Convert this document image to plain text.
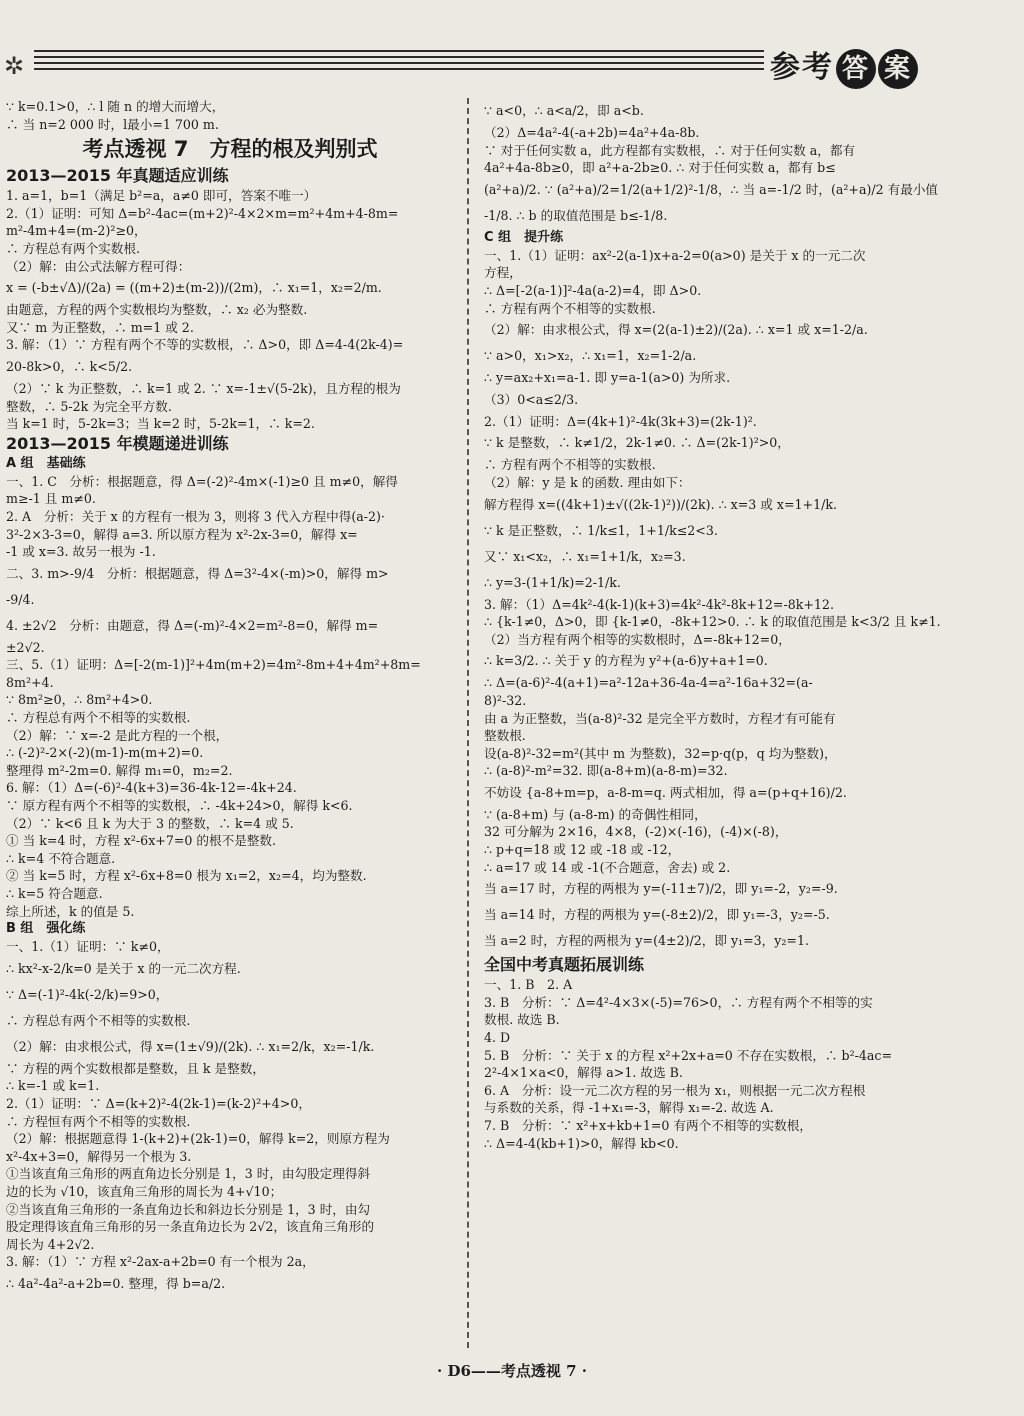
✲	参考 答 案
∵ k=0.1>0，∴ l 随 n 的增大而增大，
∴ 当 n=2 000 时，l最小=1 700 m.
考点透视 7　方程的根及判别式
2013—2015 年真题适应训练
1. a=1，b=1（满足 b²=a，a≠0 即可，答案不唯一）
2.（1）证明：可知 Δ=b²-4ac=(m+2)²-4×2×m=m²+4m+4-8m=
m²-4m+4=(m-2)²≥0，
∴ 方程总有两个实数根.
（2）解：由公式法解方程可得：
x = (-b±√Δ)/(2a) = ((m+2)±(m-2))/(2m)，∴ x₁=1，x₂=2/m.
由题意，方程的两个实数根均为整数，∴ x₂ 必为整数.
又∵ m 为正整数，∴ m=1 或 2.
3. 解：（1）∵ 方程有两个不等的实数根，∴ Δ>0，即 Δ=4-4(2k-4)=
20-8k>0，∴ k<5/2.
（2）∵ k 为正整数，∴ k=1 或 2. ∵ x=-1±√(5-2k)，且方程的根为
整数，∴ 5-2k 为完全平方数.
当 k=1 时，5-2k=3；当 k=2 时，5-2k=1，∴ k=2.
2013—2015 年模题递进训练
A 组　基础练
一、1. C　分析：根据题意，得 Δ=(-2)²-4m×(-1)≥0 且 m≠0，解得
m≥-1 且 m≠0.
2. A　分析：关于 x 的方程有一根为 3，则将 3 代入方程中得(a-2)·
3²-2×3-3=0，解得 a=3. 所以原方程为 x²-2x-3=0，解得 x=
-1 或 x=3. 故另一根为 -1.
二、3. m>-9/4　分析：根据题意，得 Δ=3²-4×(-m)>0，解得 m>
-9/4.
4. ±2√2　分析：由题意，得 Δ=(-m)²-4×2=m²-8=0，解得 m=
±2√2.
三、5.（1）证明：Δ=[-2(m-1)]²+4m(m+2)=4m²-8m+4+4m²+8m=
8m²+4.
∵ 8m²≥0，∴ 8m²+4>0.
∴ 方程总有两个不相等的实数根.
（2）解：∵ x=-2 是此方程的一个根，
∴ (-2)²-2×(-2)(m-1)-m(m+2)=0.
整理得 m²-2m=0. 解得 m₁=0，m₂=2.
6. 解：（1）Δ=(-6)²-4(k+3)=36-4k-12=-4k+24.
∵ 原方程有两个不相等的实数根，∴ -4k+24>0，解得 k<6.
（2）∵ k<6 且 k 为大于 3 的整数，∴ k=4 或 5.
① 当 k=4 时，方程 x²-6x+7=0 的根不是整数.
∴ k=4 不符合题意.
② 当 k=5 时，方程 x²-6x+8=0 根为 x₁=2，x₂=4，均为整数.
∴ k=5 符合题意.
综上所述，k 的值是 5.
B 组　强化练
一、1.（1）证明：∵ k≠0，
∴ kx²-x-2/k=0 是关于 x 的一元二次方程.
∵ Δ=(-1)²-4k(-2/k)=9>0，
∴ 方程总有两个不相等的实数根.
（2）解：由求根公式，得 x=(1±√9)/(2k). ∴ x₁=2/k，x₂=-1/k.
∵ 方程的两个实数根都是整数，且 k 是整数，
∴ k=-1 或 k=1.
2.（1）证明：∵ Δ=(k+2)²-4(2k-1)=(k-2)²+4>0，
∴ 方程恒有两个不相等的实数根.
（2）解：根据题意得 1-(k+2)+(2k-1)=0，解得 k=2，则原方程为
x²-4x+3=0，解得另一个根为 3.
①当该直角三角形的两直角边长分别是 1，3 时，由勾股定理得斜
边的长为 √10，该直角三角形的周长为 4+√10；
②当该直角三角形的一条直角边长和斜边长分别是 1，3 时，由勾
股定理得该直角三角形的另一条直角边长为 2√2，该直角三角形的
周长为 4+2√2.
3. 解：（1）∵ 方程 x²-2ax-a+2b=0 有一个根为 2a，
∴ 4a²-4a²-a+2b=0. 整理，得 b=a/2.
∵ a<0，∴ a<a/2，即 a<b.
（2）Δ=4a²-4(-a+2b)=4a²+4a-8b.
∵ 对于任何实数 a，此方程都有实数根，∴ 对于任何实数 a，都有
4a²+4a-8b≥0，即 a²+a-2b≥0. ∴ 对于任何实数 a，都有 b≤
(a²+a)/2. ∵ (a²+a)/2=1/2(a+1/2)²-1/8，∴ 当 a=-1/2 时，(a²+a)/2 有最小值
-1/8. ∴ b 的取值范围是 b≤-1/8.
C 组　提升练
一、1.（1）证明：ax²-2(a-1)x+a-2=0(a>0) 是关于 x 的一元二次
方程，
∴ Δ=[-2(a-1)]²-4a(a-2)=4，即 Δ>0.
∴ 方程有两个不相等的实数根.
（2）解：由求根公式，得 x=(2(a-1)±2)/(2a). ∴ x=1 或 x=1-2/a.
∵ a>0，x₁>x₂，∴ x₁=1，x₂=1-2/a.
∴ y=ax₂+x₁=a-1. 即 y=a-1(a>0) 为所求.
（3）0<a≤2/3.
2.（1）证明：Δ=(4k+1)²-4k(3k+3)=(2k-1)².
∵ k 是整数，∴ k≠1/2，2k-1≠0. ∴ Δ=(2k-1)²>0，
∴ 方程有两个不相等的实数根.
（2）解：y 是 k 的函数. 理由如下：
解方程得 x=((4k+1)±√((2k-1)²))/(2k). ∴ x=3 或 x=1+1/k.
∵ k 是正整数，∴ 1/k≤1，1+1/k≤2<3.
又∵ x₁<x₂，∴ x₁=1+1/k，x₂=3.
∴ y=3-(1+1/k)=2-1/k.
3. 解：（1）Δ=4k²-4(k-1)(k+3)=4k²-4k²-8k+12=-8k+12.
∴ {k-1≠0，Δ>0，即 {k-1≠0，-8k+12>0. ∴ k 的取值范围是 k<3/2 且 k≠1.
（2）当方程有两个相等的实数根时，Δ=-8k+12=0，
∴ k=3/2. ∴ 关于 y 的方程为 y²+(a-6)y+a+1=0.
∴ Δ=(a-6)²-4(a+1)=a²-12a+36-4a-4=a²-16a+32=(a-
8)²-32.
由 a 为正整数，当(a-8)²-32 是完全平方数时，方程才有可能有
整数根.
设(a-8)²-32=m²(其中 m 为整数)，32=p·q(p，q 均为整数)，
∴ (a-8)²-m²=32. 即(a-8+m)(a-8-m)=32.
不妨设 {a-8+m=p，a-8-m=q. 两式相加，得 a=(p+q+16)/2.
∵ (a-8+m) 与 (a-8-m) 的奇偶性相同，
32 可分解为 2×16，4×8，(-2)×(-16)，(-4)×(-8)，
∴ p+q=18 或 12 或 -18 或 -12，
∴ a=17 或 14 或 -1(不合题意，舍去) 或 2.
当 a=17 时，方程的两根为 y=(-11±7)/2，即 y₁=-2，y₂=-9.
当 a=14 时，方程的两根为 y=(-8±2)/2，即 y₁=-3，y₂=-5.
当 a=2 时，方程的两根为 y=(4±2)/2，即 y₁=3，y₂=1.
全国中考真题拓展训练
一、1. B　2. A
3. B　分析：∵ Δ=4²-4×3×(-5)=76>0，∴ 方程有两个不相等的实
数根. 故选 B.
4. D
5. B　分析：∵ 关于 x 的方程 x²+2x+a=0 不存在实数根，∴ b²-4ac=
2²-4×1×a<0，解得 a>1. 故选 B.
6. A　分析：设一元二次方程的另一根为 x₁，则根据一元二次方程根
与系数的关系，得 -1+x₁=-3，解得 x₁=-2. 故选 A.
7. B　分析：∵ x²+x+kb+1=0 有两个不相等的实数根，
∴ Δ=4-4(kb+1)>0，解得 kb<0.
· D6——考点透视 7 ·
